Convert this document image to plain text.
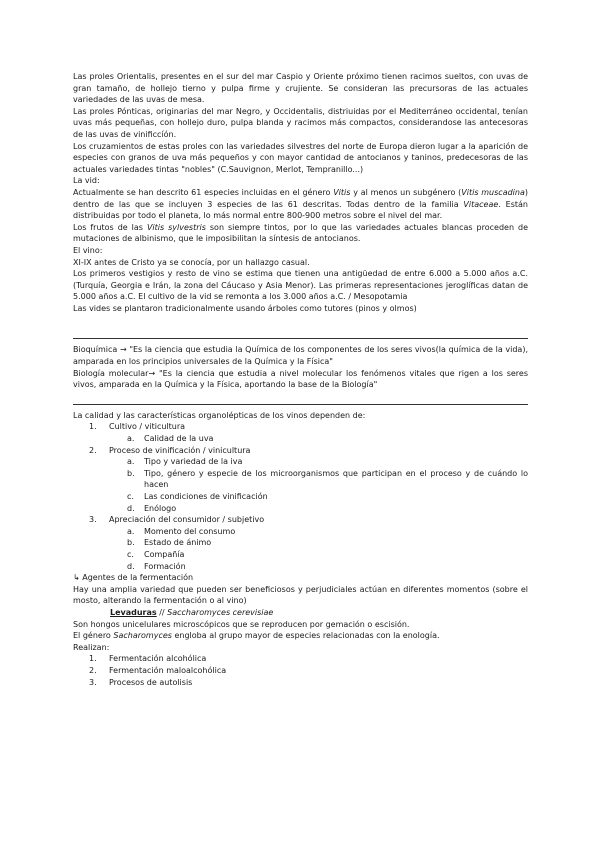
Las proles Orientalis, presentes en el sur del mar Caspio y Oriente próximo tienen racimos sueltos, con uvas de gran tamaño, de hollejo tierno y pulpa firme y crujiente. Se consideran las precursoras de las actuales variedades de las uvas de mesa.

Las proles Pónticas, originarias del mar Negro, y Occidentalis, distriuidas por el Mediterráneo occidental, tenían uvas más pequeñas, con hollejo duro, pulpa blanda y racimos más compactos, considerandose las antecesoras de las uvas de vinificcíón.

Los cruzamientos de estas proles con las variedades silvestres del norte de Europa dieron lugar a la aparición de especies con granos de uva más pequeños y con mayor cantidad de antocianos y taninos, predecesoras de las actuales variedades tintas "nobles" (C.Sauvignon, Merlot, Tempranillo...)

La vid:

Actualmente se han descrito 61 especies incluidas en el género Vitis y al menos un subgénero (Vitis muscadina) dentro de las que se incluyen 3 especies de las 61 descritas. Todas dentro de la familia Vitaceae. Están distribuidas por todo el planeta, lo más normal entre 800-900 metros sobre el nivel del mar.

Los frutos de las Vitis sylvestris son siempre tintos, por lo que las variedades actuales blancas proceden de mutaciones de albinismo, que le imposibilitan la síntesis de antocianos.

El vino:

XI-IX antes de Cristo ya se conocía, por un hallazgo casual.

Los primeros vestigios y resto de vino se estima que tienen una antigüedad de entre 6.000 a 5.000 años a.C. (Turquía, Georgia e Irán, la zona del Cáucaso y Asia Menor). Las primeras representaciones jeroglíficas datan de 5.000 años a.C. El cultivo de la vid se remonta a los 3.000 años a.C. / Mesopotamia

Las vides se plantaron tradicionalmente usando árboles como tutores (pinos y olmos)

Bioquímica → "Es la ciencia que estudia la Química de los componentes de los seres vivos(la química de la vida), amparada en los principios universales de la Química y la Física"

Biología molecular→ "Es la ciencia que estudia a nivel molecular los fenómenos vitales que rigen a los seres vivos, amparada en la Química y la Física, aportando la base de la Biología"

La calidad y las características organolépticas de los vinos dependen de:

1. Cultivo / viticultura
a. Calidad de la uva
2. Proceso de vinificación / vinicultura
a. Tipo y variedad de la iva
b. Tipo, género y especie de los microorganismos que participan en el proceso y de cuándo lo hacen
c. Las condiciones de vinificación
d. Enólogo
3. Apreciación del consumidor / subjetivo
a. Momento del consumo
b. Estado de ánimo
c. Compañía
d. Formación

↳ Agentes de la fermentación

Hay una amplia variedad que pueden ser beneficiosos y perjudiciales actúan en diferentes momentos (sobre el mosto, alterando la fermentación o al vino)

Levaduras // Saccharomyces cerevisiae

Son hongos unicelulares microscópicos que se reproducen por gemación o escisión.

El género Sacharomyces engloba al grupo mayor de especies relacionadas con la enología.

Realizan:

1. Fermentación alcohólica
2. Fermentación maloalcohólica
3. Procesos de autolisis
